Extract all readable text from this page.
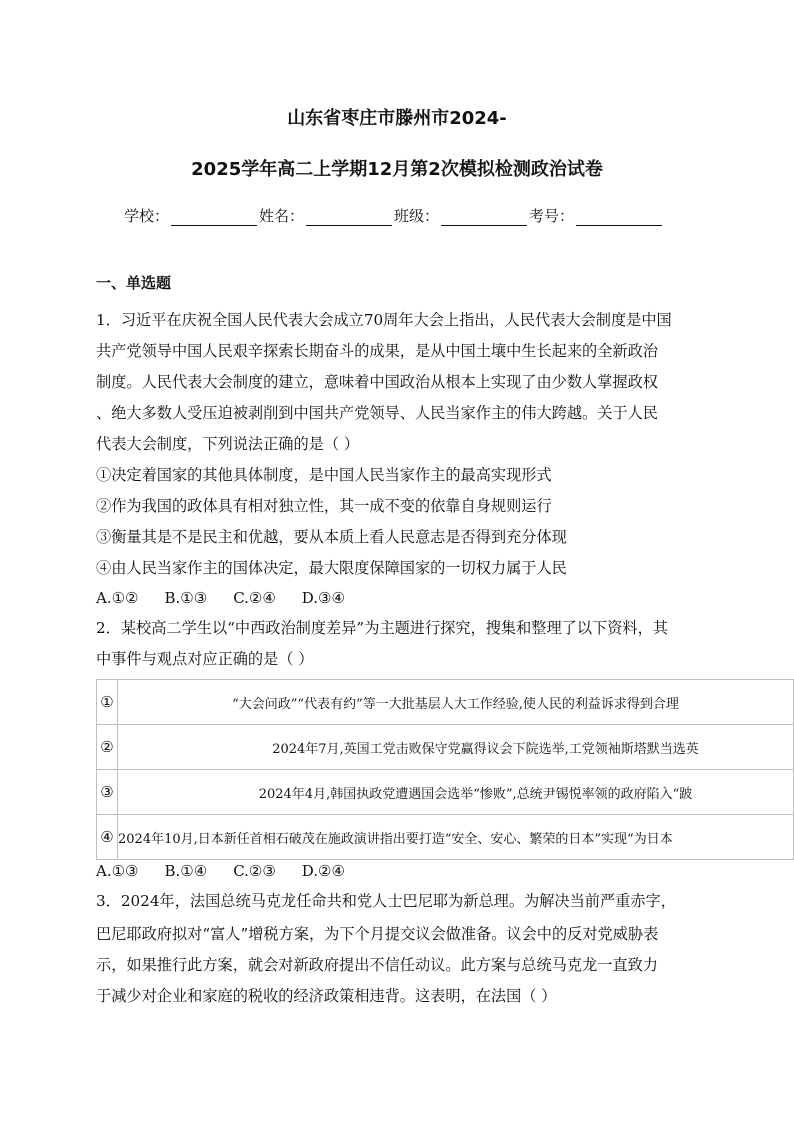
山东省枣庄市滕州市2024-
2025学年高二上学期12月第2次模拟检测政治试卷
学校：	姓名：	班级：	考号：
一、单选题
1．习近平在庆祝全国人民代表大会成立70周年大会上指出，人民代表大会制度是中国
共产党领导中国人民艰辛探索长期奋斗的成果，是从中国土壤中生长起来的全新政治
制度。人民代表大会制度的建立，意味着中国政治从根本上实现了由少数人掌握政权
、绝大多数人受压迫被剥削到中国共产党领导、人民当家作主的伟大跨越。关于人民
代表大会制度，下列说法正确的是（ ）
①决定着国家的其他具体制度，是中国人民当家作主的最高实现形式
②作为我国的政体具有相对独立性，其一成不变的依靠自身规则运行
③衡量其是不是民主和优越，要从本质上看人民意志是否得到充分体现
④由人民当家作主的国体决定，最大限度保障国家的一切权力属于人民
A.①② B.①③ C.②④ D.③④
2．某校高二学生以“中西政治制度差异”为主题进行探究，搜集和整理了以下资料，其
中事件与观点对应正确的是（ ）
①	“大会问政”“代表有约”等一大批基层人大工作经验,使人民的利益诉求得到合理
②	2024年7月,英国工党击败保守党赢得议会下院选举,工党领袖斯塔默当选英
③	2024年4月,韩国执政党遭遇国会选举“惨败”,总统尹锡悦率领的政府陷入“跛
④	2024年10月,日本新任首相石破茂在施政演讲指出要打造“安全、安心、繁荣的日本”实现“为日本
A.①③ B.①④ C.②③ D.②④
3．2024年，法国总统马克龙任命共和党人士巴尼耶为新总理。为解决当前严重赤字，
巴尼耶政府拟对“富人”增税方案，为下个月提交议会做准备。议会中的反对党威胁表
示，如果推行此方案，就会对新政府提出不信任动议。此方案与总统马克龙一直致力
于减少对企业和家庭的税收的经济政策相违背。这表明，在法国（ ）
